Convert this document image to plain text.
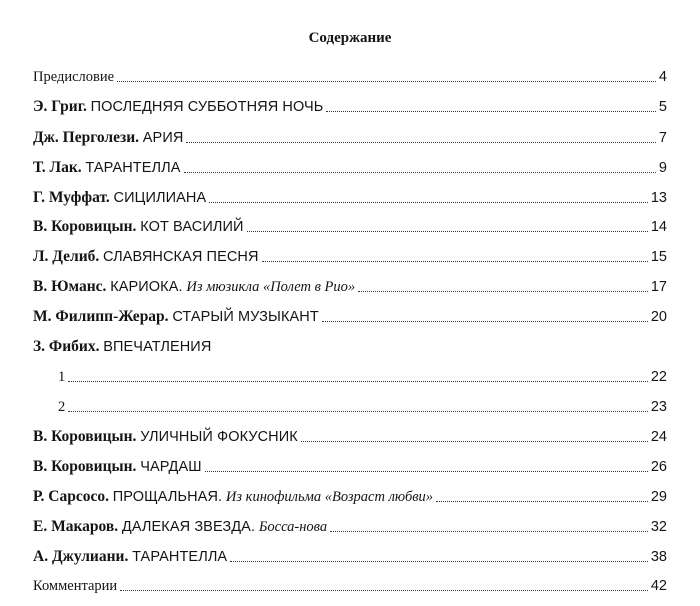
Содержание
Предисловие	4
Э. Григ. ПОСЛЕДНЯЯ СУББОТНЯЯ НОЧЬ	5
Дж. Перголези. АРИЯ	7
Т. Лак. ТАРАНТЕЛЛА	9
Г. Муффат. СИЦИЛИАНА	13
В. Коровицын. КОТ ВАСИЛИЙ	14
Л. Делиб. СЛАВЯНСКАЯ ПЕСНЯ	15
В. Юманс. КАРИОКА. Из мюзикла «Полет в Рио»	17
М. Филипп-Жерар. СТАРЫЙ МУЗЫКАНТ	20
З. Фибих. ВПЕЧАТЛЕНИЯ
1	22
2	23
В. Коровицын. УЛИЧНЫЙ ФОКУСНИК	24
В. Коровицын. ЧАРДАШ	26
Р. Сарсосо. ПРОЩАЛЬНАЯ. Из кинофильма «Возраст любви»	29
Е. Макаров. ДАЛЕКАЯ ЗВЕЗДА. Босса-нова	32
А. Джулиани. ТАРАНТЕЛЛА	38
Комментарии	42
